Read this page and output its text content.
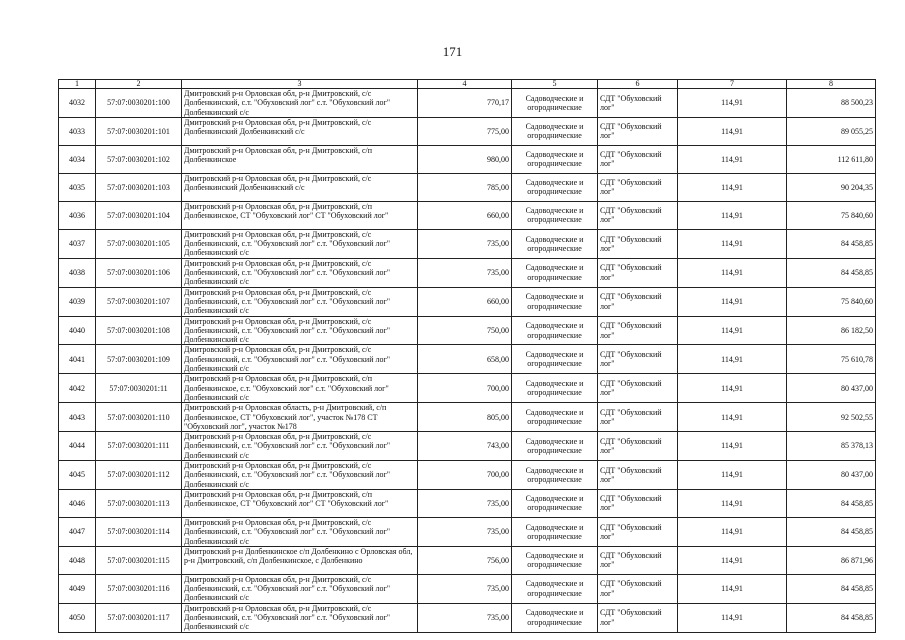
171
1	2	3	4	5	6	7	8
4032	57:07:0030201:100	Дмитровский р-н Орловская обл, р-н Дмитровский, с/с Долбенкинский, с.т. "Обуховский лог" с.т. "Обуховский лог" Долбенкинский с/с	770,17	Садоводческие и огороднические	СДТ "Обуховский лог"	114,91	88 500,23
4033	57:07:0030201:101	Дмитровский р-н Орловская обл, р-н Дмитровский, с/с Долбенкинский Долбенкинский с/с	775,00	Садоводческие и огороднические	СДТ "Обуховский лог"	114,91	89 055,25
4034	57:07:0030201:102	Дмитровский р-н Орловская обл, р-н Дмитровский, с/п Долбенкинское	980,00	Садоводческие и огороднические	СДТ "Обуховский лог"	114,91	112 611,80
4035	57:07:0030201:103	Дмитровский р-н Орловская обл, р-н Дмитровский, с/с Долбенкинский Долбенкинский с/с	785,00	Садоводческие и огороднические	СДТ "Обуховский лог"	114,91	90 204,35
4036	57:07:0030201:104	Дмитровский р-н Орловская обл, р-н Дмитровский, с/п Долбенкинское, СТ "Обуховский лог" СТ "Обуховский лог"	660,00	Садоводческие и огороднические	СДТ "Обуховский лог"	114,91	75 840,60
4037	57:07:0030201:105	Дмитровский р-н Орловская обл, р-н Дмитровский, с/с Долбенкинский, с.т. "Обуховский лог" с.т. "Обуховский лог" Долбенкинский с/с	735,00	Садоводческие и огороднические	СДТ "Обуховский лог"	114,91	84 458,85
4038	57:07:0030201:106	Дмитровский р-н Орловская обл, р-н Дмитровский, с/с Долбенкинский, с.т. "Обуховский лог" с.т. "Обуховский лог" Долбенкинский с/с	735,00	Садоводческие и огороднические	СДТ "Обуховский лог"	114,91	84 458,85
4039	57:07:0030201:107	Дмитровский р-н Орловская обл, р-н Дмитровский, с/с Долбенкинский, с.т. "Обуховский лог" с.т. "Обуховский лог" Долбенкинский с/с	660,00	Садоводческие и огороднические	СДТ "Обуховский лог"	114,91	75 840,60
4040	57:07:0030201:108	Дмитровский р-н Орловская обл, р-н Дмитровский, с/с Долбенкинский, с.т. "Обуховский лог" с.т. "Обуховский лог" Долбенкинский с/с	750,00	Садоводческие и огороднические	СДТ "Обуховский лог"	114,91	86 182,50
4041	57:07:0030201:109	Дмитровский р-н Орловская обл, р-н Дмитровский, с/с Долбенкинский, с.т. "Обуховский лог" с.т. "Обуховский лог" Долбенкинский с/с	658,00	Садоводческие и огороднические	СДТ "Обуховский лог"	114,91	75 610,78
4042	57:07:0030201:11	Дмитровский р-н Орловская обл, р-н Дмитровский, с/п Долбенкинское, с.т. "Обуховский лог" с.т. "Обуховский лог" Долбенкинский с/с	700,00	Садоводческие и огороднические	СДТ "Обуховский лог"	114,91	80 437,00
4043	57:07:0030201:110	Дмитровский р-н Орловская область, р-н Дмитровский, с/п Долбенкинское, СТ "Обуховский лог", участок №178 СТ "Обуховский лог", участок №178	805,00	Садоводческие и огороднические	СДТ "Обуховский лог"	114,91	92 502,55
4044	57:07:0030201:111	Дмитровский р-н Орловская обл, р-н Дмитровский, с/с Долбенкинский, с.т. "Обуховский лог" с.т. "Обуховский лог" Долбенкинский с/с	743,00	Садоводческие и огороднические	СДТ "Обуховский лог"	114,91	85 378,13
4045	57:07:0030201:112	Дмитровский р-н Орловская обл, р-н Дмитровский, с/с Долбенкинский, с.т. "Обуховский лог" с.т. "Обуховский лог" Долбенкинский с/с	700,00	Садоводческие и огороднические	СДТ "Обуховский лог"	114,91	80 437,00
4046	57:07:0030201:113	Дмитровский р-н Орловская обл, р-н Дмитровский, с/п Долбенкинское, СТ "Обуховский лог" СТ "Обуховский лог"	735,00	Садоводческие и огороднические	СДТ "Обуховский лог"	114,91	84 458,85
4047	57:07:0030201:114	Дмитровский р-н Орловская обл, р-н Дмитровский, с/с Долбенкинский, с.т. "Обуховский лог" с.т. "Обуховский лог" Долбенкинский с/с	735,00	Садоводческие и огороднические	СДТ "Обуховский лог"	114,91	84 458,85
4048	57:07:0030201:115	Дмитровский р-н Долбенкинское с/п Долбенкино с Орловская обл, р-н Дмитровский, с/п Долбенкинское, с Долбенкино	756,00	Садоводческие и огороднические	СДТ "Обуховский лог"	114,91	86 871,96
4049	57:07:0030201:116	Дмитровский р-н Орловская обл, р-н Дмитровский, с/с Долбенкинский, с.т. "Обуховский лог" с.т. "Обуховский лог" Долбенкинский с/с	735,00	Садоводческие и огороднические	СДТ "Обуховский лог"	114,91	84 458,85
4050	57:07:0030201:117	Дмитровский р-н Орловская обл, р-н Дмитровский, с/с Долбенкинский, с.т. "Обуховский лог" с.т. "Обуховский лог" Долбенкинский с/с	735,00	Садоводческие и огороднические	СДТ "Обуховский лог"	114,91	84 458,85
